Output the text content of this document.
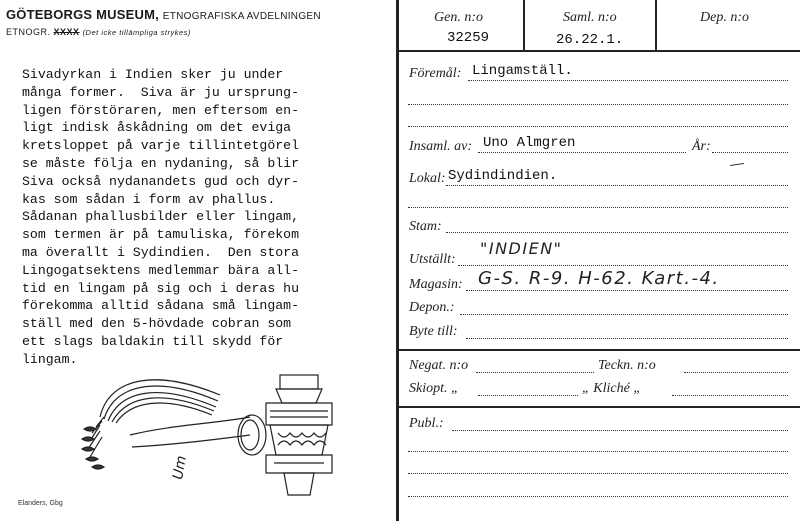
GÖTEBORGS MUSEUM, ETNOGRAFISKA AVDELNINGEN
ETNOGR. XXXX (Det icke tillämpliga strykes)
Sivadyrkan i Indien sker ju under
många former.  Siva är ju ursprung-
ligen förstöraren, men eftersom en-
ligt indisk åskådning om det eviga
kretsloppet på varje tillintetgörel
se måste följa en nydaning, så blir
Siva också nydanandets gud och dyr-
kas som sådan i form av phallus.
Sådanan phallusbilder eller lingam,
som termen är på tamuliska, förekom
ma överallt i Sydindien.  Den stora
Lingogatsektens medlemmar bära all-
tid en lingam på sig och i deras hu
förekomma alltid sådana små lingam-
ställ med den 5-hövdade cobran som
ett slags baldakin till skydd för
lingam.
Um
Elanders, Gbg
Gen. n:o
32259
Saml. n:o
26.22.1.
Dep. n:o
Föremål: Lingamställ.
Insaml. av: Uno Almgren	År:
Lokal: Sydindindien.
Stam:
Utställt:
"INDIEN"
Magasin: G-S. R-9. H-62. Kart.-4.
Depon.:
Byte till:
Negat. n:o	Teckn. n:o
Skiopt. „	„ Kliché „
Publ.:
